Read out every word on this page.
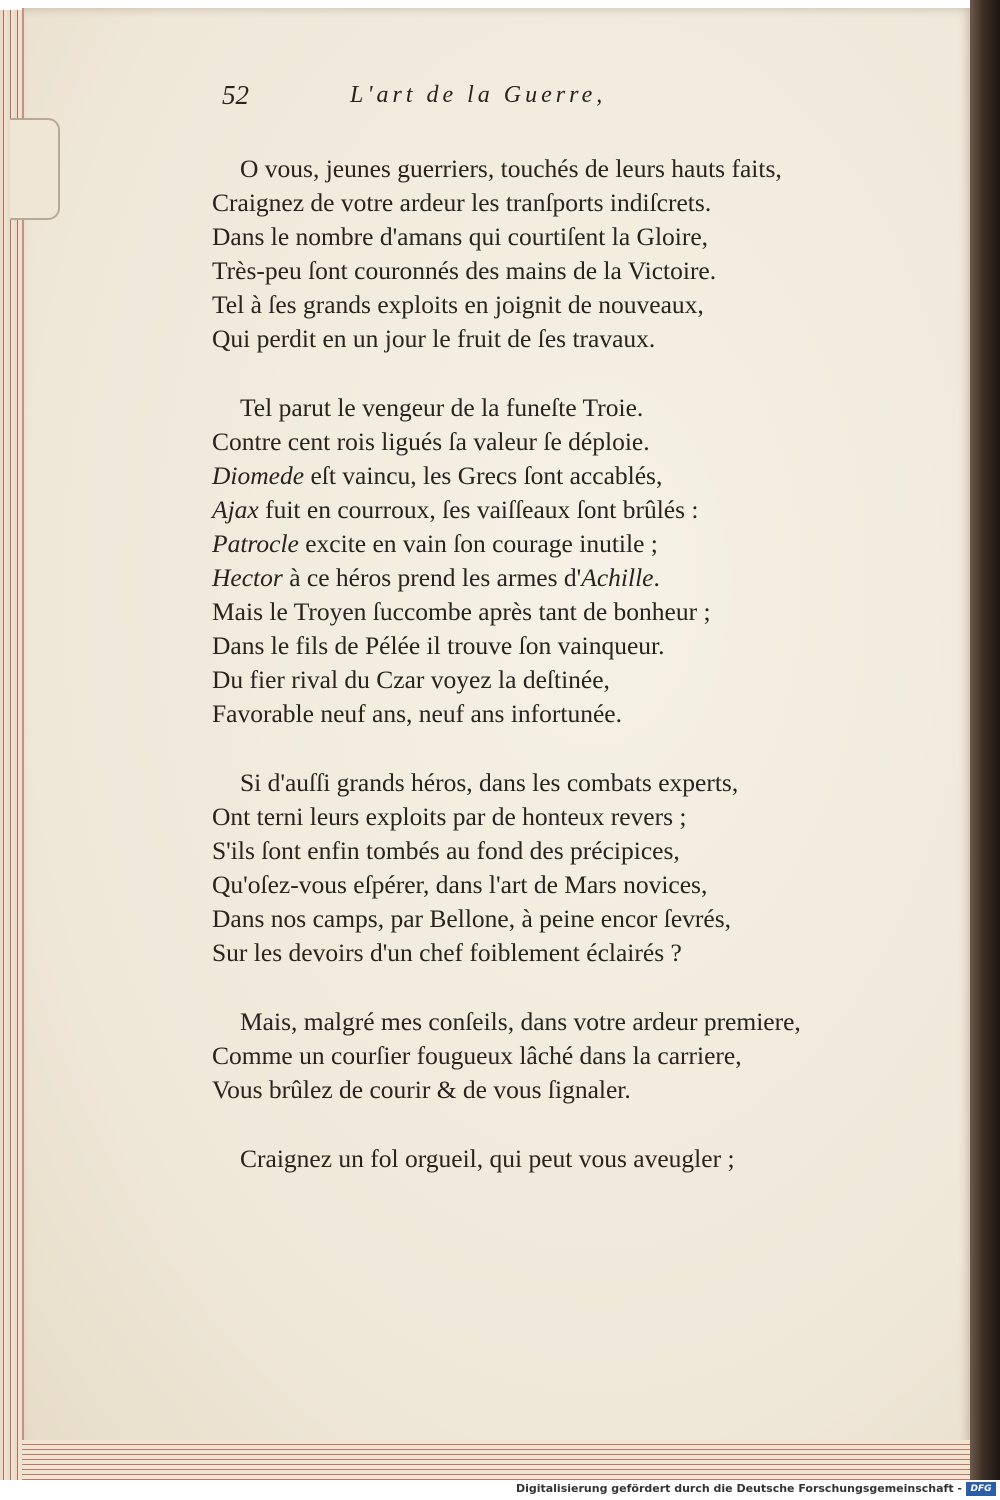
52	L'art de la Guerre,
O vous, jeunes guerriers, touchés de leurs hauts faits,
Craignez de votre ardeur les tranſports indiſcrets.
Dans le nombre d'amans qui courtiſent la Gloire,
Très-peu ſont couronnés des mains de la Victoire.
Tel à ſes grands exploits en joignit de nouveaux,
Qui perdit en un jour le fruit de ſes travaux.
Tel parut le vengeur de la funeſte Troie.
Contre cent rois ligués ſa valeur ſe déploie.
Diomede eſt vaincu, les Grecs ſont accablés,
Ajax fuit en courroux, ſes vaiſſeaux ſont brûlés :
Patrocle excite en vain ſon courage inutile ;
Hector à ce héros prend les armes d'Achille.
Mais le Troyen ſuccombe après tant de bonheur ;
Dans le fils de Pélée il trouve ſon vainqueur.
Du fier rival du Czar voyez la deſtinée,
Favorable neuf ans, neuf ans infortunée.
Si d'auſſi grands héros, dans les combats experts,
Ont terni leurs exploits par de honteux revers ;
S'ils ſont enfin tombés au fond des précipices,
Qu'oſez-vous eſpérer, dans l'art de Mars novices,
Dans nos camps, par Bellone, à peine encor ſevrés,
Sur les devoirs d'un chef foiblement éclairés ?
Mais, malgré mes conſeils, dans votre ardeur premiere,
Comme un courſier fougueux lâché dans la carriere,
Vous brûlez de courir & de vous ſignaler.
Craignez un fol orgueil, qui peut vous aveugler ;
Digitalisierung gefördert durch die Deutsche Forschungsgemeinschaft - DFG
